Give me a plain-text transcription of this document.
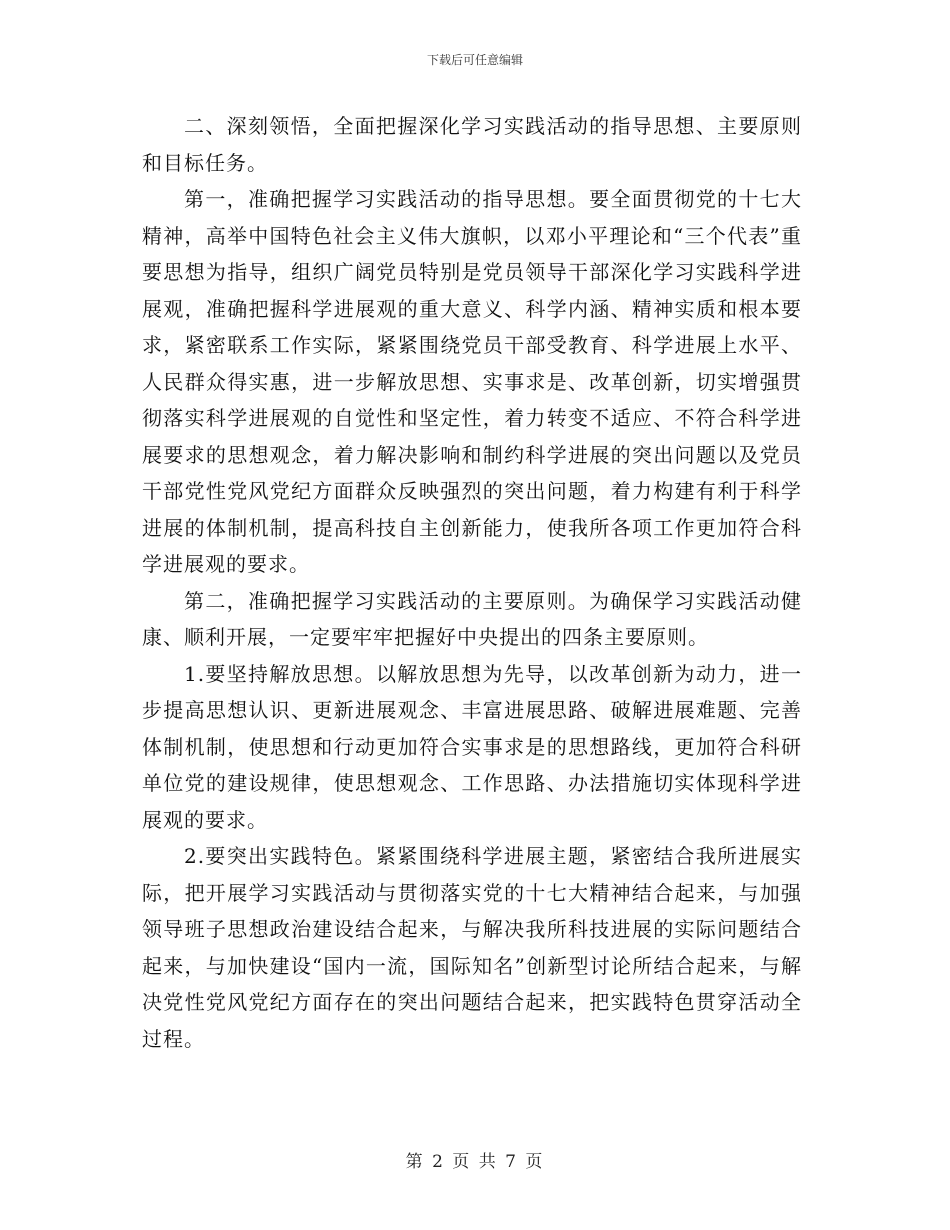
下载后可任意编辑

二、深刻领悟，全面把握深化学习实践活动的指导思想、主要原则和目标任务。

第一，准确把握学习实践活动的指导思想。要全面贯彻党的十七大精神，高举中国特色社会主义伟大旗帜，以邓小平理论和“三个代表”重要思想为指导，组织广阔党员特别是党员领导干部深化学习实践科学进展观，准确把握科学进展观的重大意义、科学内涵、精神实质和根本要求，紧密联系工作实际，紧紧围绕党员干部受教育、科学进展上水平、人民群众得实惠，进一步解放思想、实事求是、改革创新，切实增强贯彻落实科学进展观的自觉性和坚定性，着力转变不适应、不符合科学进展要求的思想观念，着力解决影响和制约科学进展的突出问题以及党员干部党性党风党纪方面群众反映强烈的突出问题，着力构建有利于科学进展的体制机制，提高科技自主创新能力，使我所各项工作更加符合科学进展观的要求。

第二，准确把握学习实践活动的主要原则。为确保学习实践活动健康、顺利开展，一定要牢牢把握好中央提出的四条主要原则。

1.要坚持解放思想。以解放思想为先导，以改革创新为动力，进一步提高思想认识、更新进展观念、丰富进展思路、破解进展难题、完善体制机制，使思想和行动更加符合实事求是的思想路线，更加符合科研单位党的建设规律，使思想观念、工作思路、办法措施切实体现科学进展观的要求。

2.要突出实践特色。紧紧围绕科学进展主题，紧密结合我所进展实际，把开展学习实践活动与贯彻落实党的十七大精神结合起来，与加强领导班子思想政治建设结合起来，与解决我所科技进展的实际问题结合起来，与加快建设“国内一流，国际知名”创新型讨论所结合起来，与解决党性党风党纪方面存在的突出问题结合起来，把实践特色贯穿活动全过程。

第 2 页 共 7 页
